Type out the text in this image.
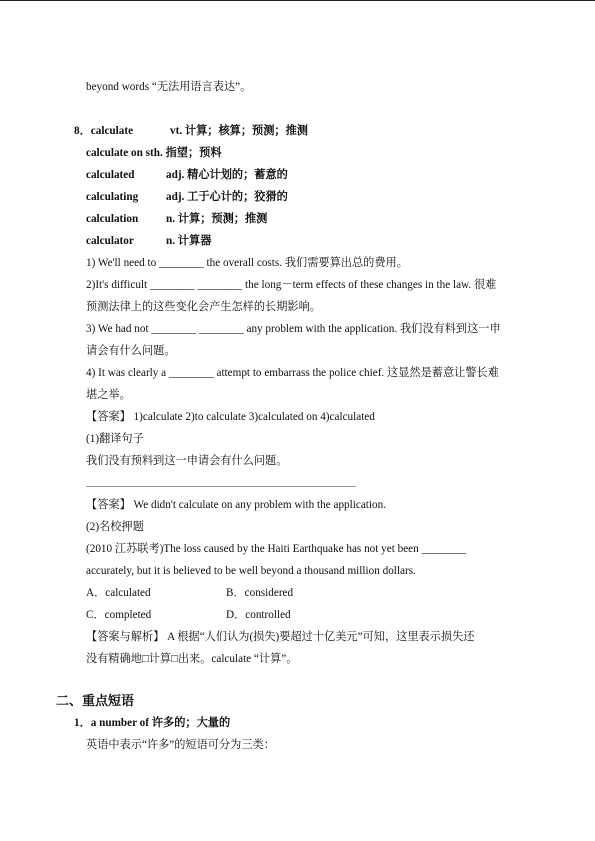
beyond words “无法用语言表达”。
8．calculate	vt. 计算；核算；预测；推测
calculate on sth. 指望；预料
calculated	adj. 精心计划的；蓄意的
calculating adj. 工于心计的；狡猾的
calculation n. 计算；预测；推测
calculator	n. 计算器
1) We'll need to ________ the overall costs. 我们需要算出总的费用。
2)It's difficult ________ ________ the long－term effects of these changes in the law. 很难
预测法律上的这些变化会产生怎样的长期影响。
3) We had not ________ ________ any problem with the application. 我们没有料到这一申
请会有什么问题。
4) It was clearly a ________ attempt to embarrass the police chief. 这显然是蓄意让警长难
堪之举。
【答案】 1)calculate 2)to calculate 3)calculated on 4)calculated
(1)翻译句子
我们没有预料到这一申请会有什么问题。
【答案】 We didn't calculate on any problem with the application.
(2)名校押题
(2010 江苏联考)The loss caused by the Haiti Earthquake has not yet been ________
accurately, but it is believed to be well beyond a thousand million dollars.
A．calculated	B．considered
C．completed	D．controlled
【答案与解析】 A 根据“人们认为(损失)要超过十亿美元”可知，这里表示损失还
没有精确地□计算□出来。calculate “计算”。
二、重点短语
1．a number of 许多的；大量的
英语中表示“许多”的短语可分为三类：
